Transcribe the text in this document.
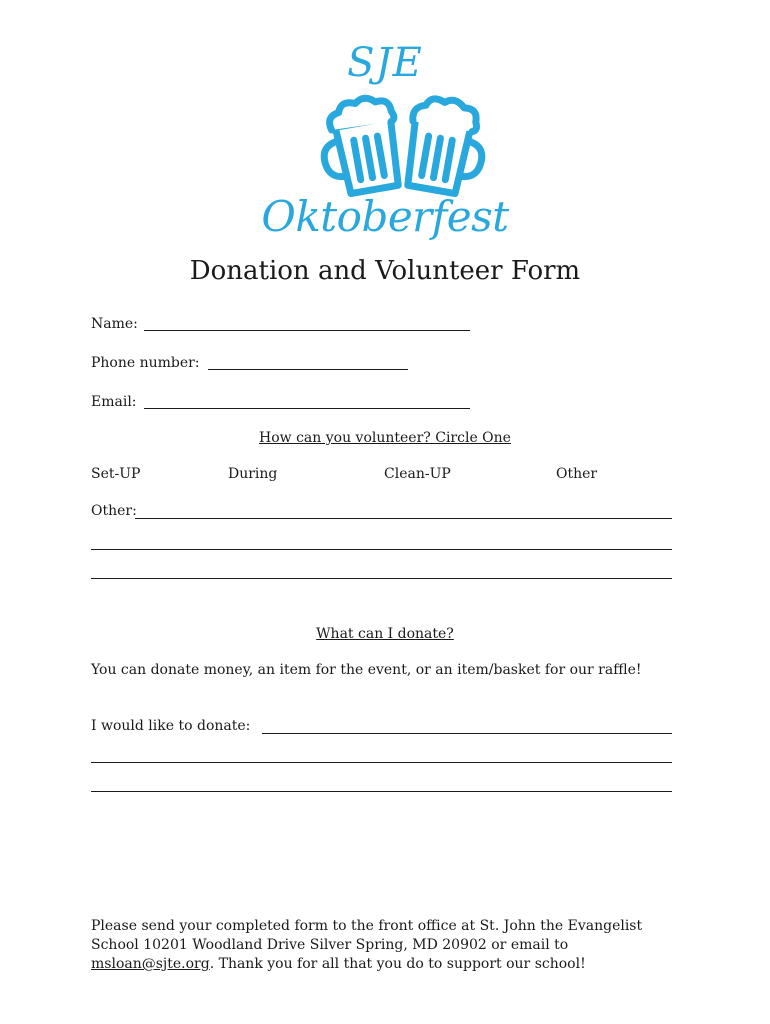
SJE
Oktoberfest
Donation and Volunteer Form
Name:
Phone number:
Email:
How can you volunteer? Circle One
Set-UP	During	Clean-UP	Other
Other:
What can I donate?
You can donate money, an item for the event, or an item/basket for our raffle!
I would like to donate:
Please send your completed form to the front office at St. John the Evangelist School 10201 Woodland Drive Silver Spring, MD 20902 or email to msloan@sjte.org. Thank you for all that you do to support our school!
